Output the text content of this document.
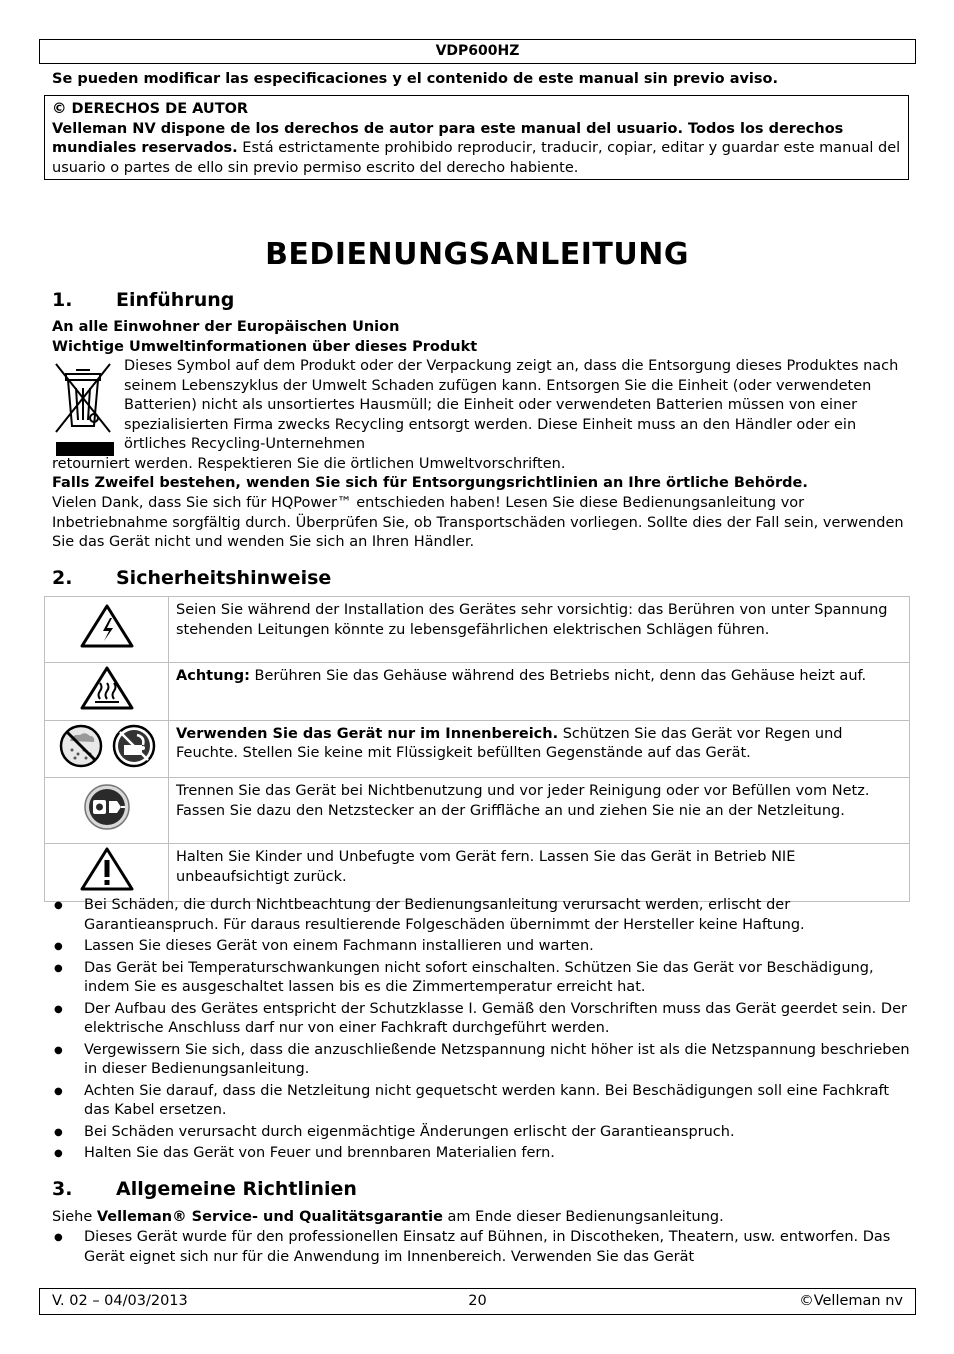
VDP600HZ
Se pueden modificar las especificaciones y el contenido de este manual sin previo aviso.
© DERECHOS DE AUTOR
Velleman NV dispone de los derechos de autor para este manual del usuario. Todos los derechos mundiales reservados. Está estrictamente prohibido reproducir, traducir, copiar, editar y guardar este manual del usuario o partes de ello sin previo permiso escrito del derecho habiente.
BEDIENUNGSANLEITUNG
1. Einführung
An alle Einwohner der Europäischen Union
Wichtige Umweltinformationen über dieses Produkt
Dieses Symbol auf dem Produkt oder der Verpackung zeigt an, dass die Entsorgung dieses Produktes nach seinem Lebenszyklus der Umwelt Schaden zufügen kann. Entsorgen Sie die Einheit (oder verwendeten Batterien) nicht als unsortiertes Hausmüll; die Einheit oder verwendeten Batterien müssen von einer spezialisierten Firma zwecks Recycling entsorgt werden. Diese Einheit muss an den Händler oder ein örtliches Recycling-Unternehmen
retourniert werden. Respektieren Sie die örtlichen Umweltvorschriften.
Falls Zweifel bestehen, wenden Sie sich für Entsorgungsrichtlinien an Ihre örtliche Behörde.
Vielen Dank, dass Sie sich für HQPower™ entschieden haben! Lesen Sie diese Bedienungsanleitung vor Inbetriebnahme sorgfältig durch. Überprüfen Sie, ob Transportschäden vorliegen. Sollte dies der Fall sein, verwenden Sie das Gerät nicht und wenden Sie sich an Ihren Händler.
2. Sicherheitshinweise
	Seien Sie während der Installation des Gerätes sehr vorsichtig: das Berühren von unter Spannung stehenden Leitungen könnte zu lebensgefährlichen elektrischen Schlägen führen.
	Achtung: Berühren Sie das Gehäuse während des Betriebs nicht, denn das Gehäuse heizt auf.
	Verwenden Sie das Gerät nur im Innenbereich. Schützen Sie das Gerät vor Regen und Feuchte. Stellen Sie keine mit Flüssigkeit befüllten Gegenstände auf das Gerät.
	Trennen Sie das Gerät bei Nichtbenutzung und vor jeder Reinigung oder vor Befüllen vom Netz. Fassen Sie dazu den Netzstecker an der Griffläche an und ziehen Sie nie an der Netzleitung.
	Halten Sie Kinder und Unbefugte vom Gerät fern. Lassen Sie das Gerät in Betrieb NIE unbeaufsichtigt zurück.
● Bei Schäden, die durch Nichtbeachtung der Bedienungsanleitung verursacht werden, erlischt der Garantieanspruch. Für daraus resultierende Folgeschäden übernimmt der Hersteller keine Haftung.
● Lassen Sie dieses Gerät von einem Fachmann installieren und warten.
● Das Gerät bei Temperaturschwankungen nicht sofort einschalten. Schützen Sie das Gerät vor Beschädigung, indem Sie es ausgeschaltet lassen bis es die Zimmertemperatur erreicht hat.
● Der Aufbau des Gerätes entspricht der Schutzklasse I. Gemäß den Vorschriften muss das Gerät geerdet sein. Der elektrische Anschluss darf nur von einer Fachkraft durchgeführt werden.
● Vergewissern Sie sich, dass die anzuschließende Netzspannung nicht höher ist als die Netzspannung beschrieben in dieser Bedienungsanleitung.
● Achten Sie darauf, dass die Netzleitung nicht gequetscht werden kann. Bei Beschädigungen soll eine Fachkraft das Kabel ersetzen.
● Bei Schäden verursacht durch eigenmächtige Änderungen erlischt der Garantieanspruch.
● Halten Sie das Gerät von Feuer und brennbaren Materialien fern.
3. Allgemeine Richtlinien
Siehe Velleman® Service- und Qualitätsgarantie am Ende dieser Bedienungsanleitung.
● Dieses Gerät wurde für den professionellen Einsatz auf Bühnen, in Discotheken, Theatern, usw. entworfen. Das Gerät eignet sich nur für die Anwendung im Innenbereich. Verwenden Sie das Gerät
20
V. 02 – 04/03/2013	©Velleman nv
